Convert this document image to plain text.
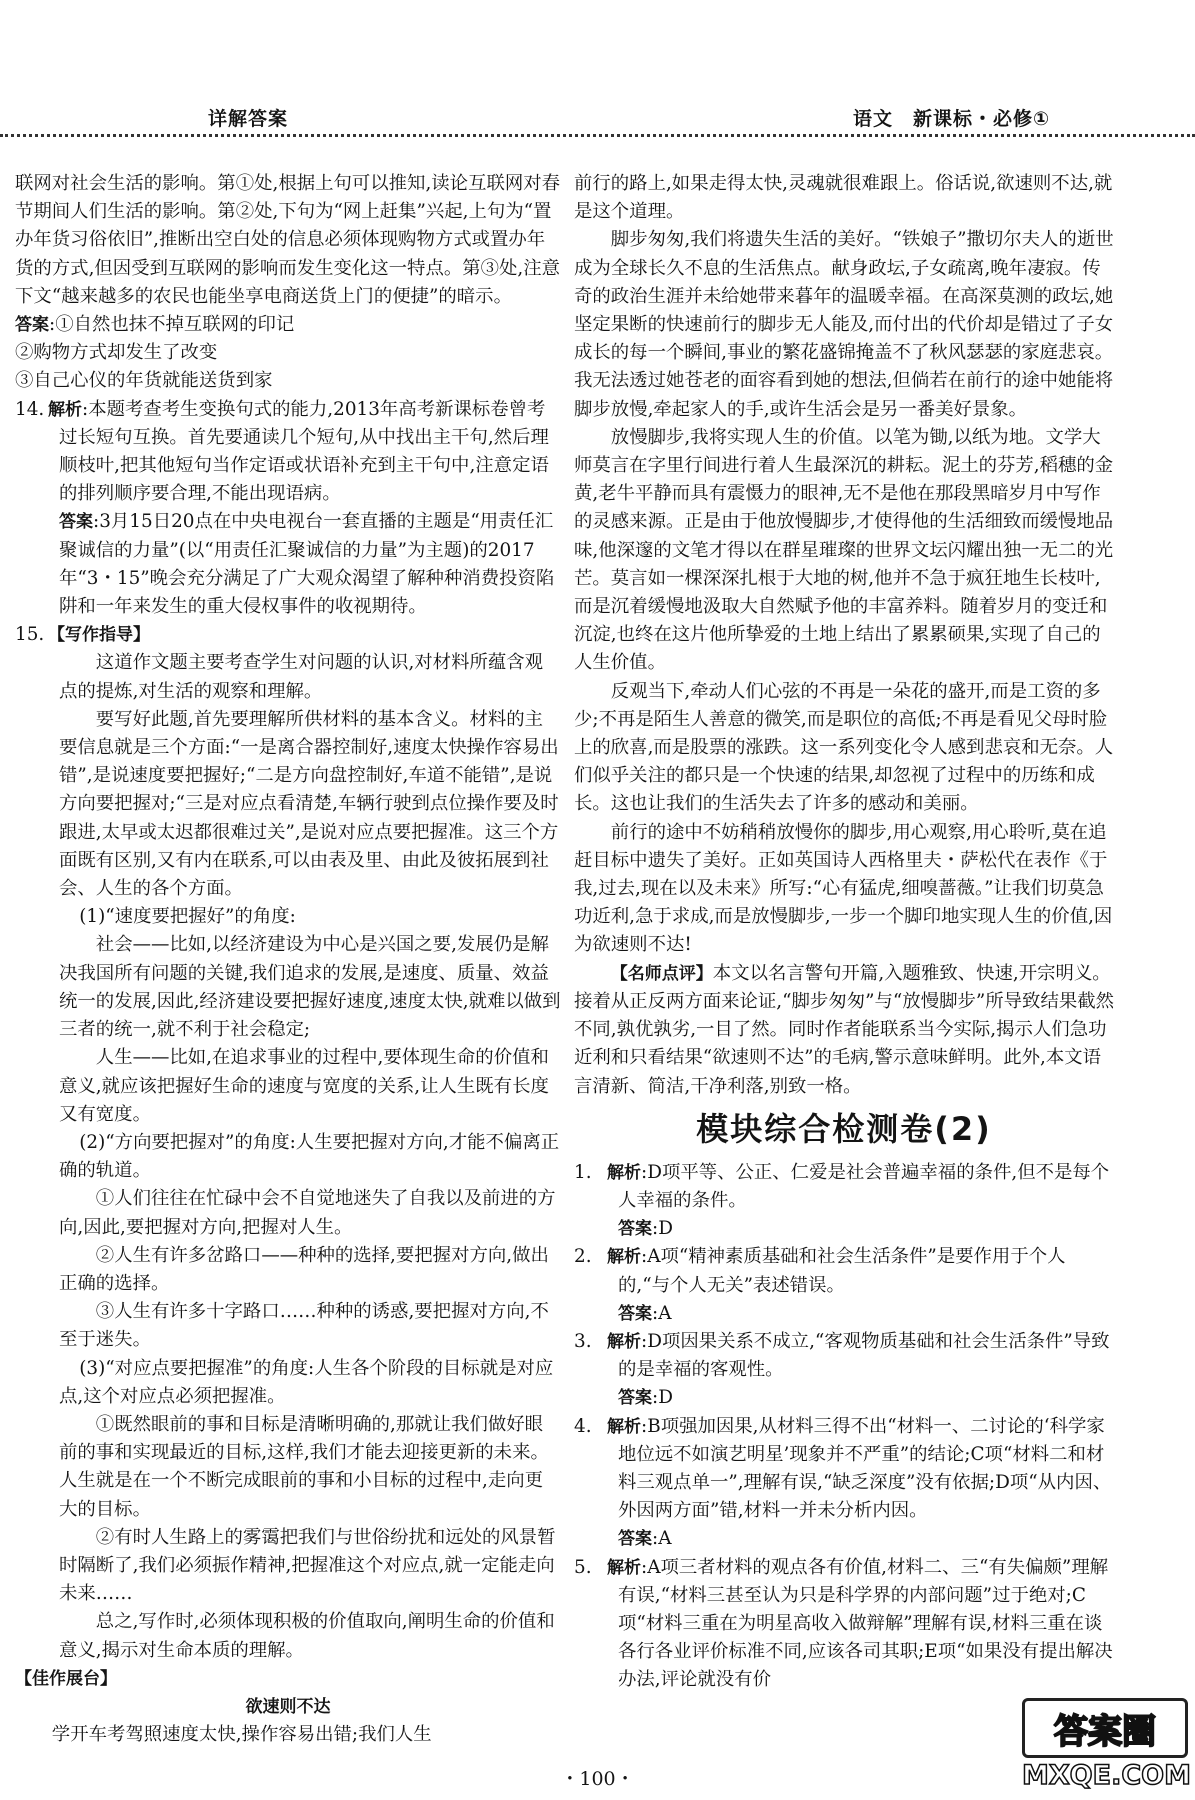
详解答案	语文　新课标・必修①

联网对社会生活的影响。第①处,根据上句可以推知,读论互联网对春节期间人们生活的影响。第②处,下句为“网上赶集”兴起,上句为“置办年货习俗依旧”,推断出空白处的信息必须体现购物方式或置办年货的方式,但因受到互联网的影响而发生变化这一特点。第③处,注意下文“越来越多的农民也能坐享电商送货上门的便捷”的暗示。

答案:①自然也抹不掉互联网的印记

②购物方式却发生了改变

③自己心仪的年货就能送货到家

14. 解析:本题考查考生变换句式的能力,2013年高考新课标卷曾考过长短句互换。首先要通读几个短句,从中找出主干句,然后理顺枝叶,把其他短句当作定语或状语补充到主干句中,注意定语的排列顺序要合理,不能出现语病。

答案:3月15日20点在中央电视台一套直播的主题是“用责任汇聚诚信的力量”(以“用责任汇聚诚信的力量”为主题)的2017年“3・15”晚会充分满足了广大观众渴望了解种种消费投资陷阱和一年来发生的重大侵权事件的收视期待。

15. 【写作指导】

这道作文题主要考查学生对问题的认识,对材料所蕴含观点的提炼,对生活的观察和理解。

要写好此题,首先要理解所供材料的基本含义。材料的主要信息就是三个方面:“一是离合器控制好,速度太快操作容易出错”,是说速度要把握好;“二是方向盘控制好,车道不能错”,是说方向要把握对;“三是对应点看清楚,车辆行驶到点位操作要及时跟进,太早或太迟都很难过关”,是说对应点要把握准。这三个方面既有区别,又有内在联系,可以由表及里、由此及彼拓展到社会、人生的各个方面。

(1)“速度要把握好”的角度:

社会——比如,以经济建设为中心是兴国之要,发展仍是解决我国所有问题的关键,我们追求的发展,是速度、质量、效益统一的发展,因此,经济建设要把握好速度,速度太快,就难以做到三者的统一,就不利于社会稳定;

人生——比如,在追求事业的过程中,要体现生命的价值和意义,就应该把握好生命的速度与宽度的关系,让人生既有长度又有宽度。

(2)“方向要把握对”的角度:人生要把握对方向,才能不偏离正确的轨道。

①人们往往在忙碌中会不自觉地迷失了自我以及前进的方向,因此,要把握对方向,把握对人生。

②人生有许多岔路口——种种的选择,要把握对方向,做出正确的选择。

③人生有许多十字路口……种种的诱惑,要把握对方向,不至于迷失。

(3)“对应点要把握准”的角度:人生各个阶段的目标就是对应点,这个对应点必须把握准。

①既然眼前的事和目标是清晰明确的,那就让我们做好眼前的事和实现最近的目标,这样,我们才能去迎接更新的未来。人生就是在一个不断完成眼前的事和小目标的过程中,走向更大的目标。

②有时人生路上的雾霭把我们与世俗纷扰和远处的风景暂时隔断了,我们必须振作精神,把握准这个对应点,就一定能走向未来……

总之,写作时,必须体现积极的价值取向,阐明生命的价值和意义,揭示对生命本质的理解。

【佳作展台】

欲速则不达

学开车考驾照速度太快,操作容易出错;我们人生

前行的路上,如果走得太快,灵魂就很难跟上。俗话说,欲速则不达,就是这个道理。

脚步匆匆,我们将遗失生活的美好。“铁娘子”撒切尔夫人的逝世成为全球长久不息的生活焦点。献身政坛,子女疏离,晚年凄寂。传奇的政治生涯并未给她带来暮年的温暖幸福。在高深莫测的政坛,她坚定果断的快速前行的脚步无人能及,而付出的代价却是错过了子女成长的每一个瞬间,事业的繁花盛锦掩盖不了秋风瑟瑟的家庭悲哀。我无法透过她苍老的面容看到她的想法,但倘若在前行的途中她能将脚步放慢,牵起家人的手,或许生活会是另一番美好景象。

放慢脚步,我将实现人生的价值。以笔为锄,以纸为地。文学大师莫言在字里行间进行着人生最深沉的耕耘。泥土的芬芳,稻穗的金黄,老牛平静而具有震慑力的眼神,无不是他在那段黑暗岁月中写作的灵感来源。正是由于他放慢脚步,才使得他的生活细致而缓慢地品味,他深邃的文笔才得以在群星璀璨的世界文坛闪耀出独一无二的光芒。莫言如一棵深深扎根于大地的树,他并不急于疯狂地生长枝叶,而是沉着缓慢地汲取大自然赋予他的丰富养料。随着岁月的变迁和沉淀,也终在这片他所挚爱的土地上结出了累累硕果,实现了自己的人生价值。

反观当下,牵动人们心弦的不再是一朵花的盛开,而是工资的多少;不再是陌生人善意的微笑,而是职位的高低;不再是看见父母时脸上的欣喜,而是股票的涨跌。这一系列变化令人感到悲哀和无奈。人们似乎关注的都只是一个快速的结果,却忽视了过程中的历练和成长。这也让我们的生活失去了许多的感动和美丽。

前行的途中不妨稍稍放慢你的脚步,用心观察,用心聆听,莫在追赶目标中遗失了美好。正如英国诗人西格里夫・萨松代在表作《于我,过去,现在以及未来》所写:“心有猛虎,细嗅蔷薇。”让我们切莫急功近利,急于求成,而是放慢脚步,一步一个脚印地实现人生的价值,因为欲速则不达!

【名师点评】本文以名言警句开篇,入题雅致、快速,开宗明义。接着从正反两方面来论证,“脚步匆匆”与“放慢脚步”所导致结果截然不同,孰优孰劣,一目了然。同时作者能联系当今实际,揭示人们急功近利和只看结果“欲速则不达”的毛病,警示意味鲜明。此外,本文语言清新、简洁,干净利落,别致一格。

模块综合检测卷(2)

1. 解析:D项平等、公正、仁爱是社会普遍幸福的条件,但不是每个人幸福的条件。

答案:D

2. 解析:A项“精神素质基础和社会生活条件”是要作用于个人的,“与个人无关”表述错误。

答案:A

3. 解析:D项因果关系不成立,“客观物质基础和社会生活条件”导致的是幸福的客观性。

答案:D

4. 解析:B项强加因果,从材料三得不出“材料一、二讨论的‘科学家地位远不如演艺明星’现象并不严重”的结论;C项“材料二和材料三观点单一”,理解有误,“缺乏深度”没有依据;D项“从内因、外因两方面”错,材料一并未分析内因。

答案:A

5. 解析:A项三者材料的观点各有价值,材料二、三“有失偏颇”理解有误,“材料三甚至认为只是科学界的内部问题”过于绝对;C项“材料三重在为明星高收入做辩解”理解有误,材料三重在谈各行各业评价标准不同,应该各司其职;E项“如果没有提出解决办法,评论就没有价

・100・
答案圈
MXQE.COM
